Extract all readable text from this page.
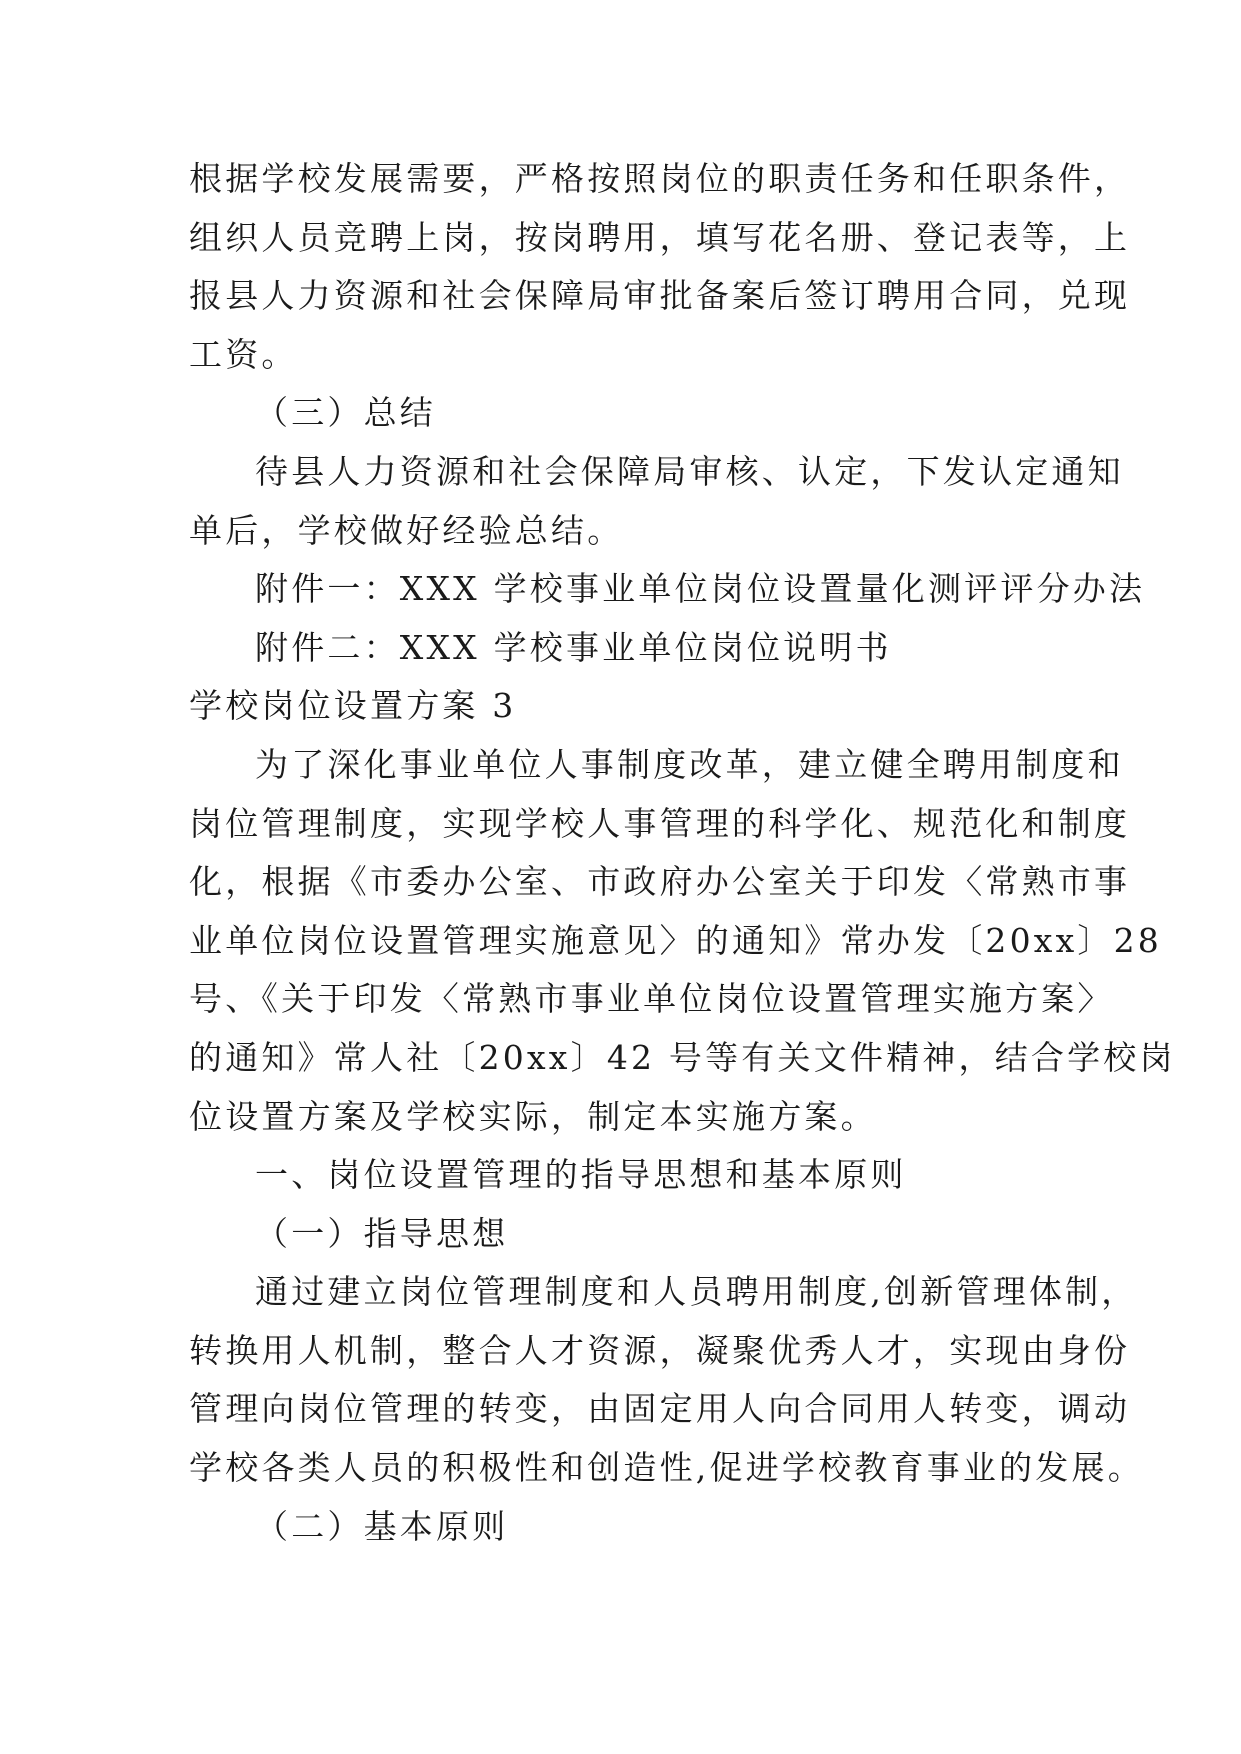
根据学校发展需要，严格按照岗位的职责任务和任职条件，
组织人员竞聘上岗，按岗聘用，填写花名册、登记表等，上
报县人力资源和社会保障局审批备案后签订聘用合同，兑现
工资。
（三）总结
待县人力资源和社会保障局审核、认定，下发认定通知
单后，学校做好经验总结。
附件一：XXX 学校事业单位岗位设置量化测评评分办法
附件二：XXX 学校事业单位岗位说明书
学校岗位设置方案 3
为了深化事业单位人事制度改革，建立健全聘用制度和
岗位管理制度，实现学校人事管理的科学化、规范化和制度
化，根据《市委办公室、市政府办公室关于印发〈常熟市事
业单位岗位设置管理实施意见〉的通知》常办发〔20xx〕28
号、《关于印发〈常熟市事业单位岗位设置管理实施方案〉
的通知》常人社〔20xx〕42 号等有关文件精神，结合学校岗
位设置方案及学校实际，制定本实施方案。
一、岗位设置管理的指导思想和基本原则
（一）指导思想
通过建立岗位管理制度和人员聘用制度,创新管理体制，
转换用人机制，整合人才资源，凝聚优秀人才，实现由身份
管理向岗位管理的转变，由固定用人向合同用人转变，调动
学校各类人员的积极性和创造性,促进学校教育事业的发展。
（二）基本原则
